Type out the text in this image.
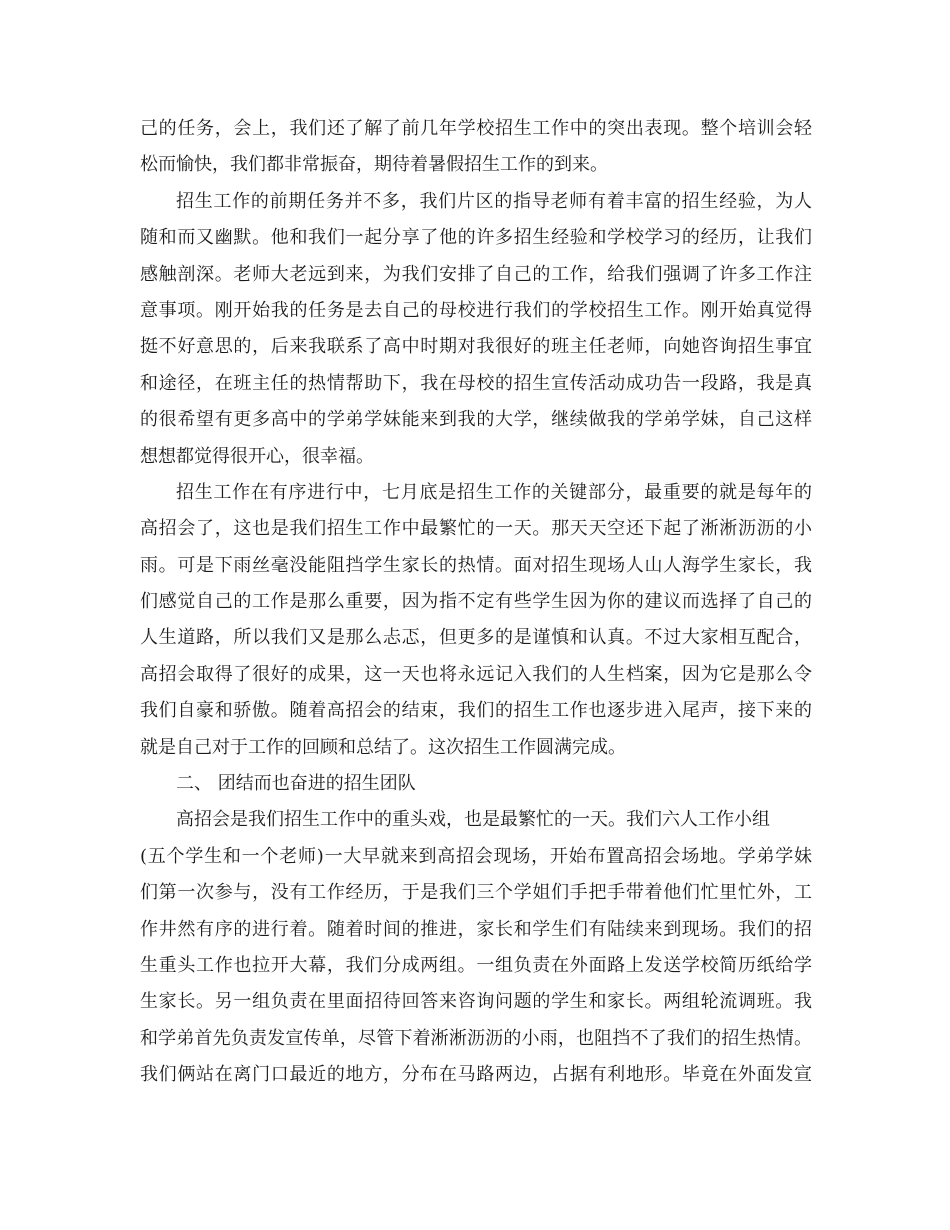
己的任务，会上，我们还了解了前几年学校招生工作中的突出表现。整个培训会轻
松而愉快，我们都非常振奋，期待着暑假招生工作的到来。
招生工作的前期任务并不多，我们片区的指导老师有着丰富的招生经验，为人
随和而又幽默。他和我们一起分享了他的许多招生经验和学校学习的经历，让我们
感触剖深。老师大老远到来，为我们安排了自己的工作，给我们强调了许多工作注
意事项。刚开始我的任务是去自己的母校进行我们的学校招生工作。刚开始真觉得
挺不好意思的，后来我联系了高中时期对我很好的班主任老师，向她咨询招生事宜
和途径，在班主任的热情帮助下，我在母校的招生宣传活动成功告一段路，我是真
的很希望有更多高中的学弟学妹能来到我的大学，继续做我的学弟学妹，自己这样
想想都觉得很开心，很幸福。
招生工作在有序进行中，七月底是招生工作的关键部分，最重要的就是每年的
高招会了，这也是我们招生工作中最繁忙的一天。那天天空还下起了淅淅沥沥的小
雨。可是下雨丝毫没能阻挡学生家长的热情。面对招生现场人山人海学生家长，我
们感觉自己的工作是那么重要，因为指不定有些学生因为你的建议而选择了自己的
人生道路，所以我们又是那么忐忑，但更多的是谨慎和认真。不过大家相互配合，
高招会取得了很好的成果，这一天也将永远记入我们的人生档案，因为它是那么令
我们自豪和骄傲。随着高招会的结束，我们的招生工作也逐步进入尾声，接下来的
就是自己对于工作的回顾和总结了。这次招生工作圆满完成。
二、 团结而也奋进的招生团队
高招会是我们招生工作中的重头戏，也是最繁忙的一天。我们六人工作小组
(五个学生和一个老师)一大早就来到高招会现场，开始布置高招会场地。学弟学妹
们第一次参与，没有工作经历，于是我们三个学姐们手把手带着他们忙里忙外，工
作井然有序的进行着。随着时间的推进，家长和学生们有陆续来到现场。我们的招
生重头工作也拉开大幕，我们分成两组。一组负责在外面路上发送学校简历纸给学
生家长。另一组负责在里面招待回答来咨询问题的学生和家长。两组轮流调班。我
和学弟首先负责发宣传单，尽管下着淅淅沥沥的小雨，也阻挡不了我们的招生热情。
我们俩站在离门口最近的地方，分布在马路两边，占据有利地形。毕竟在外面发宣
